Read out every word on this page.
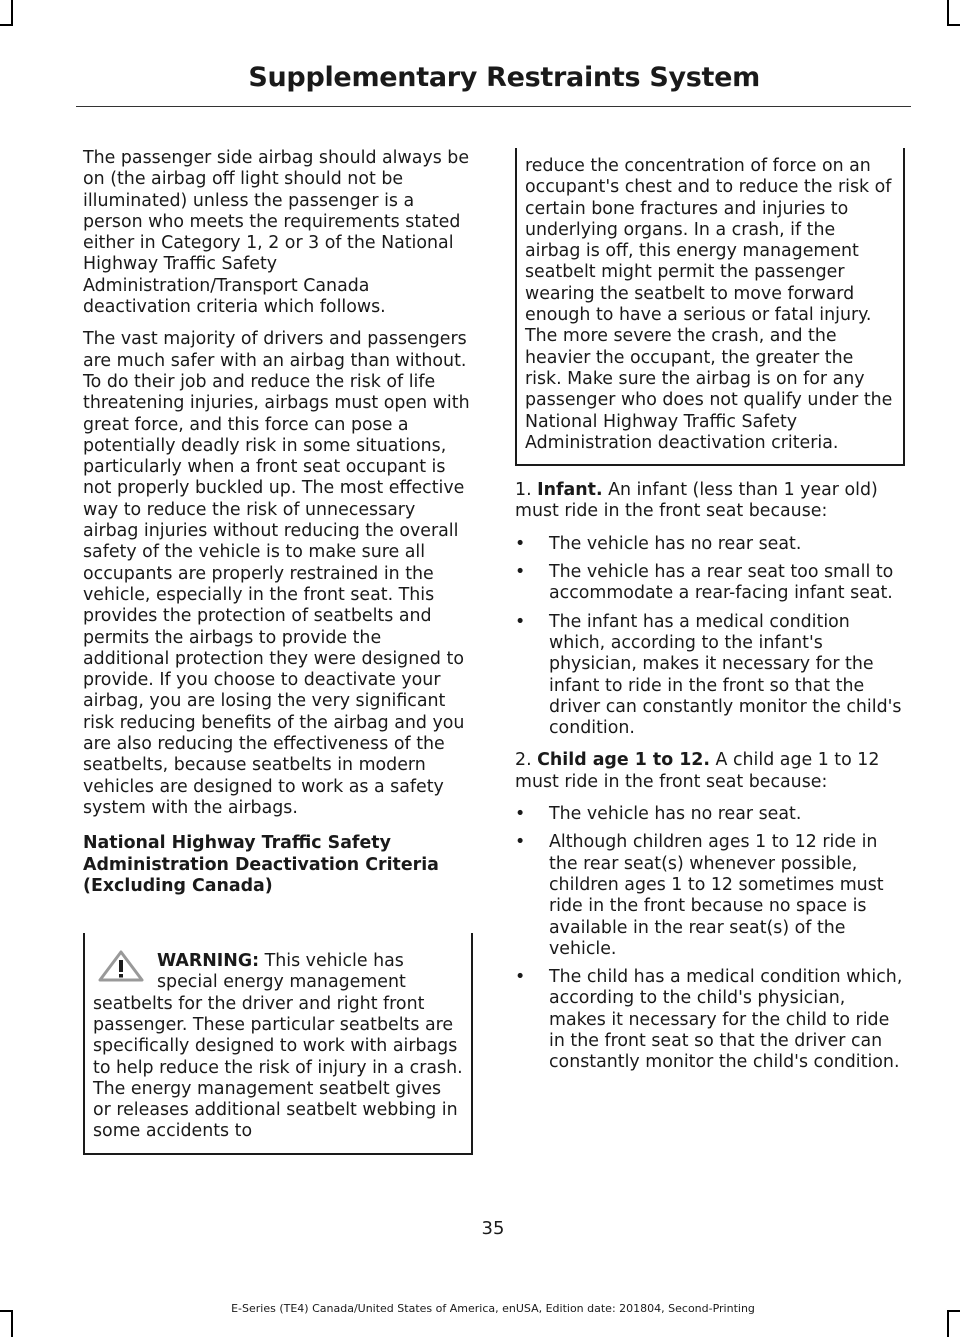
Supplementary Restraints System

The passenger side airbag should always be on (the airbag off light should not be illuminated) unless the passenger is a person who meets the requirements stated either in Category 1, 2 or 3 of the National Highway Traffic Safety Administration/Transport Canada deactivation criteria which follows.

The vast majority of drivers and passengers are much safer with an airbag than without. To do their job and reduce the risk of life threatening injuries, airbags must open with great force, and this force can pose a potentially deadly risk in some situations, particularly when a front seat occupant is not properly buckled up. The most effective way to reduce the risk of unnecessary airbag injuries without reducing the overall safety of the vehicle is to make sure all occupants are properly restrained in the vehicle, especially in the front seat. This provides the protection of seatbelts and permits the airbags to provide the additional protection they were designed to provide. If you choose to deactivate your airbag, you are losing the very significant risk reducing benefits of the airbag and you are also reducing the effectiveness of the seatbelts, because seatbelts in modern vehicles are designed to work as a safety system with the airbags.

National Highway Traffic Safety Administration Deactivation Criteria (Excluding Canada)
WARNING: This vehicle has special energy management seatbelts for the driver and right front passenger. These particular seatbelts are specifically designed to work with airbags to help reduce the risk of injury in a crash. The energy management seatbelt gives or releases additional seatbelt webbing in some accidents to
reduce the concentration of force on an occupant's chest and to reduce the risk of certain bone fractures and injuries to underlying organs. In a crash, if the airbag is off, this energy management seatbelt might permit the passenger wearing the seatbelt to move forward enough to have a serious or fatal injury. The more severe the crash, and the heavier the occupant, the greater the risk. Make sure the airbag is on for any passenger who does not qualify under the National Highway Traffic Safety Administration deactivation criteria.

1. Infant. An infant (less than 1 year old) must ride in the front seat because:

• The vehicle has no rear seat.
• The vehicle has a rear seat too small to accommodate a rear-facing infant seat.
• The infant has a medical condition which, according to the infant's physician, makes it necessary for the infant to ride in the front so that the driver can constantly monitor the child's condition.

2. Child age 1 to 12. A child age 1 to 12 must ride in the front seat because:

• The vehicle has no rear seat.
• Although children ages 1 to 12 ride in the rear seat(s) whenever possible, children ages 1 to 12 sometimes must ride in the front because no space is available in the rear seat(s) of the vehicle.
• The child has a medical condition which, according to the child's physician, makes it necessary for the child to ride in the front seat so that the driver can constantly monitor the child's condition.
35
E-Series (TE4) Canada/United States of America, enUSA, Edition date: 201804, Second-Printing
